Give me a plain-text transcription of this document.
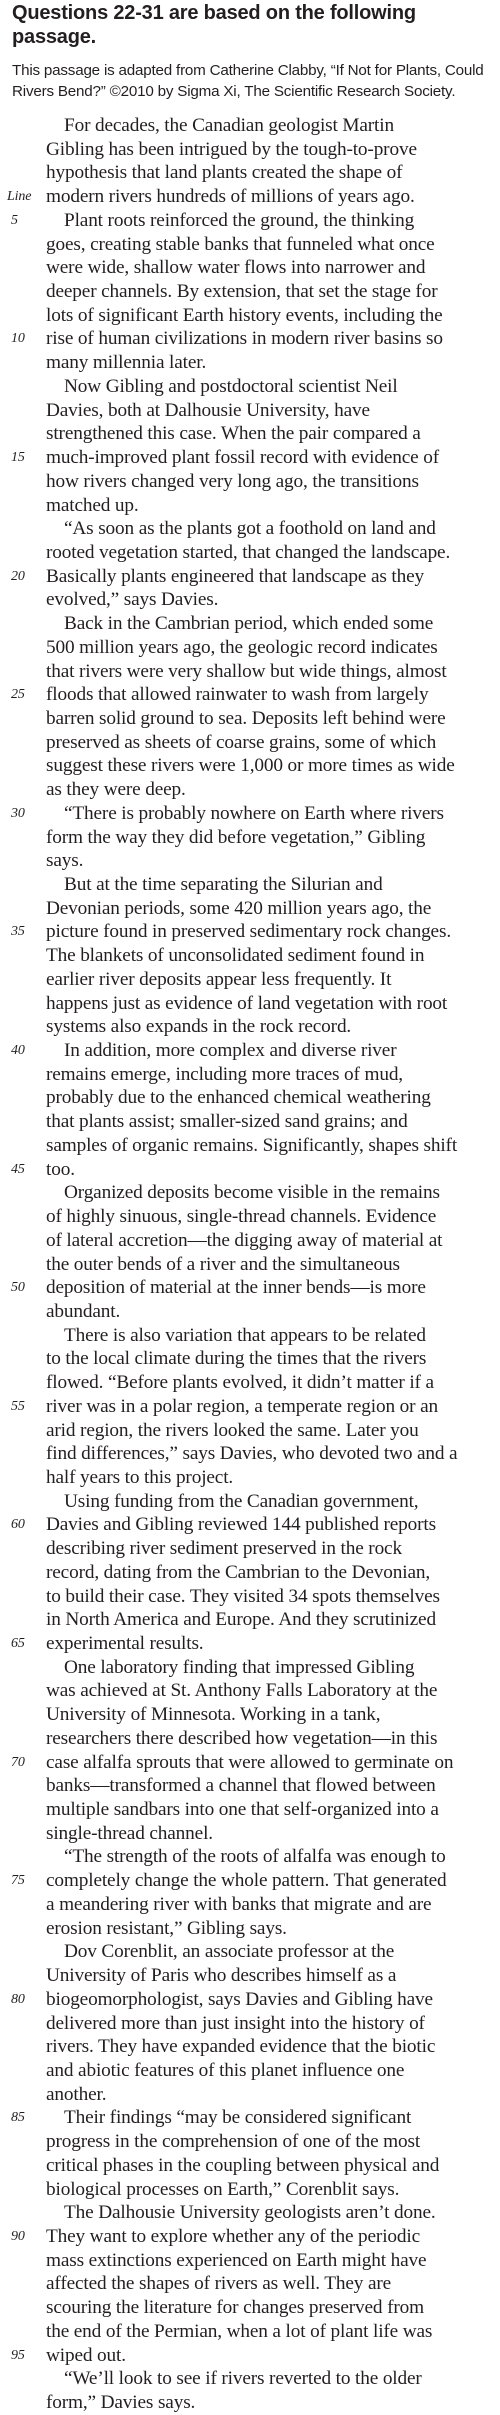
Questions 22-31 are based on the following passage.
This passage is adapted from Catherine Clabby, “If Not for Plants, Could Rivers Bend?” ©2010 by Sigma Xi, The Scientific Research Society.
For decades, the Canadian geologist Martin
Gibling has been intrigued by the tough-to-prove
hypothesis that land plants created the shape of
Line modern rivers hundreds of millions of years ago.
5	Plant roots reinforced the ground, the thinking
goes, creating stable banks that funneled what once
were wide, shallow water flows into narrower and
deeper channels. By extension, that set the stage for
lots of significant Earth history events, including the
10	rise of human civilizations in modern river basins so
many millennia later.
Now Gibling and postdoctoral scientist Neil
Davies, both at Dalhousie University, have
strengthened this case. When the pair compared a
15	much-improved plant fossil record with evidence of
how rivers changed very long ago, the transitions
matched up.
“As soon as the plants got a foothold on land and
rooted vegetation started, that changed the landscape.
20	Basically plants engineered that landscape as they
evolved,” says Davies.
Back in the Cambrian period, which ended some
500 million years ago, the geologic record indicates
that rivers were very shallow but wide things, almost
25	floods that allowed rainwater to wash from largely
barren solid ground to sea. Deposits left behind were
preserved as sheets of coarse grains, some of which
suggest these rivers were 1,000 or more times as wide
as they were deep.
30	“There is probably nowhere on Earth where rivers
form the way they did before vegetation,” Gibling
says.
But at the time separating the Silurian and
Devonian periods, some 420 million years ago, the
35	picture found in preserved sedimentary rock changes.
The blankets of unconsolidated sediment found in
earlier river deposits appear less frequently. It
happens just as evidence of land vegetation with root
systems also expands in the rock record.
40	In addition, more complex and diverse river
remains emerge, including more traces of mud,
probably due to the enhanced chemical weathering
that plants assist; smaller-sized sand grains; and
samples of organic remains. Significantly, shapes shift
45	too.
Organized deposits become visible in the remains
of highly sinuous, single-thread channels. Evidence
of lateral accretion—the digging away of material at
the outer bends of a river and the simultaneous
50	deposition of material at the inner bends—is more
abundant.
There is also variation that appears to be related
to the local climate during the times that the rivers
flowed. “Before plants evolved, it didn’t matter if a
55	river was in a polar region, a temperate region or an
arid region, the rivers looked the same. Later you
find differences,” says Davies, who devoted two and a
half years to this project.
Using funding from the Canadian government,
60	Davies and Gibling reviewed 144 published reports
describing river sediment preserved in the rock
record, dating from the Cambrian to the Devonian,
to build their case. They visited 34 spots themselves
in North America and Europe. And they scrutinized
65	experimental results.
One laboratory finding that impressed Gibling
was achieved at St. Anthony Falls Laboratory at the
University of Minnesota. Working in a tank,
researchers there described how vegetation—in this
70	case alfalfa sprouts that were allowed to germinate on
banks—transformed a channel that flowed between
multiple sandbars into one that self-organized into a
single-thread channel.
“The strength of the roots of alfalfa was enough to
75	completely change the whole pattern. That generated
a meandering river with banks that migrate and are
erosion resistant,” Gibling says.
Dov Corenblit, an associate professor at the
University of Paris who describes himself as a
80	biogeomorphologist, says Davies and Gibling have
delivered more than just insight into the history of
rivers. They have expanded evidence that the biotic
and abiotic features of this planet influence one
another.
85	Their findings “may be considered significant
progress in the comprehension of one of the most
critical phases in the coupling between physical and
biological processes on Earth,” Corenblit says.
The Dalhousie University geologists aren’t done.
90	They want to explore whether any of the periodic
mass extinctions experienced on Earth might have
affected the shapes of rivers as well. They are
scouring the literature for changes preserved from
the end of the Permian, when a lot of plant life was
95	wiped out.
“We’ll look to see if rivers reverted to the older
form,” Davies says.
